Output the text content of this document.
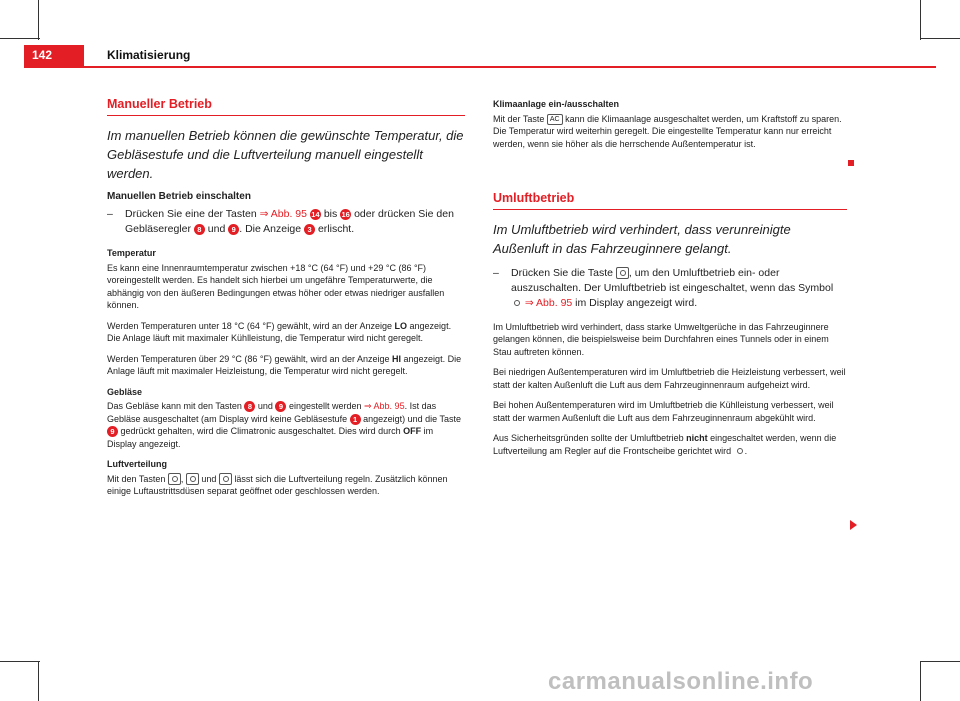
142	Klimatisierung
Manueller Betrieb
Im manuellen Betrieb können die gewünschte Temperatur, die Gebläsestufe und die Luftverteilung manuell eingestellt werden.
Manuellen Betrieb einschalten
– Drücken Sie eine der Tasten ⇒ Abb. 95 14 bis 16 oder drücken Sie den Gebläseregler 8 und 9 . Die Anzeige 3 erlischt.
Temperatur

Es kann eine Innenraumtemperatur zwischen +18 °C (64 °F) und +29 °C (86 °F) voreingestellt werden. Es handelt sich hierbei um ungefähre Temperaturwerte, die abhängig von den äußeren Bedingungen etwas höher oder etwas niedriger ausfallen können.

Werden Temperaturen unter 18 °C (64 °F) gewählt, wird an der Anzeige LO angezeigt. Die Anlage läuft mit maximaler Kühlleistung, die Temperatur wird nicht geregelt.

Werden Temperaturen über 29 °C (86 °F) gewählt, wird an der Anzeige HI angezeigt. Die Anlage läuft mit maximaler Heizleistung, die Temperatur wird nicht geregelt.

Gebläse

Das Gebläse kann mit den Tasten 8 und 9 eingestellt werden ⇒ Abb. 95. Ist das Gebläse ausgeschaltet (am Display wird keine Gebläsestufe 1 angezeigt) und die Taste 9 gedrückt gehalten, wird die Climatronic ausgeschaltet. Dies wird durch OFF im Display angezeigt.

Luftverteilung

Mit den Tasten ,  und  lässt sich die Luftverteilung regeln. Zusätzlich können einige Luftaustrittsdüsen separat geöffnet oder geschlossen werden.

Klimaanlage ein-/ausschalten

Mit der Taste AC kann die Klimaanlage ausgeschaltet werden, um Kraftstoff zu sparen. Die Temperatur wird weiterhin geregelt. Die eingestellte Temperatur kann nur erreicht werden, wenn sie höher als die herrschende Außentemperatur ist.

Umluftbetrieb
Im Umluftbetrieb wird verhindert, dass verunreinigte Außenluft in das Fahrzeuginnere gelangt.
– Drücken Sie die Taste , um den Umluftbetrieb ein- oder auszuschalten. Der Umluftbetrieb ist eingeschaltet, wenn das Symbol  ⇒ Abb. 95 im Display angezeigt wird.

Im Umluftbetrieb wird verhindert, dass starke Umweltgerüche in das Fahrzeuginnere gelangen können, die beispielsweise beim Durchfahren eines Tunnels oder in einem Stau auftreten können.

Bei niedrigen Außentemperaturen wird im Umluftbetrieb die Heizleistung verbessert, weil statt der kalten Außenluft die Luft aus dem Fahrzeuginnenraum aufgeheizt wird.

Bei hohen Außentemperaturen wird im Umluftbetrieb die Kühlleistung verbessert, weil statt der warmen Außenluft die Luft aus dem Fahrzeuginnenraum abgekühlt wird.

Aus Sicherheitsgründen sollte der Umluftbetrieb nicht eingeschaltet werden, wenn die Luftverteilung am Regler auf die Frontscheibe gerichtet wird .

carmanualsonline.info
